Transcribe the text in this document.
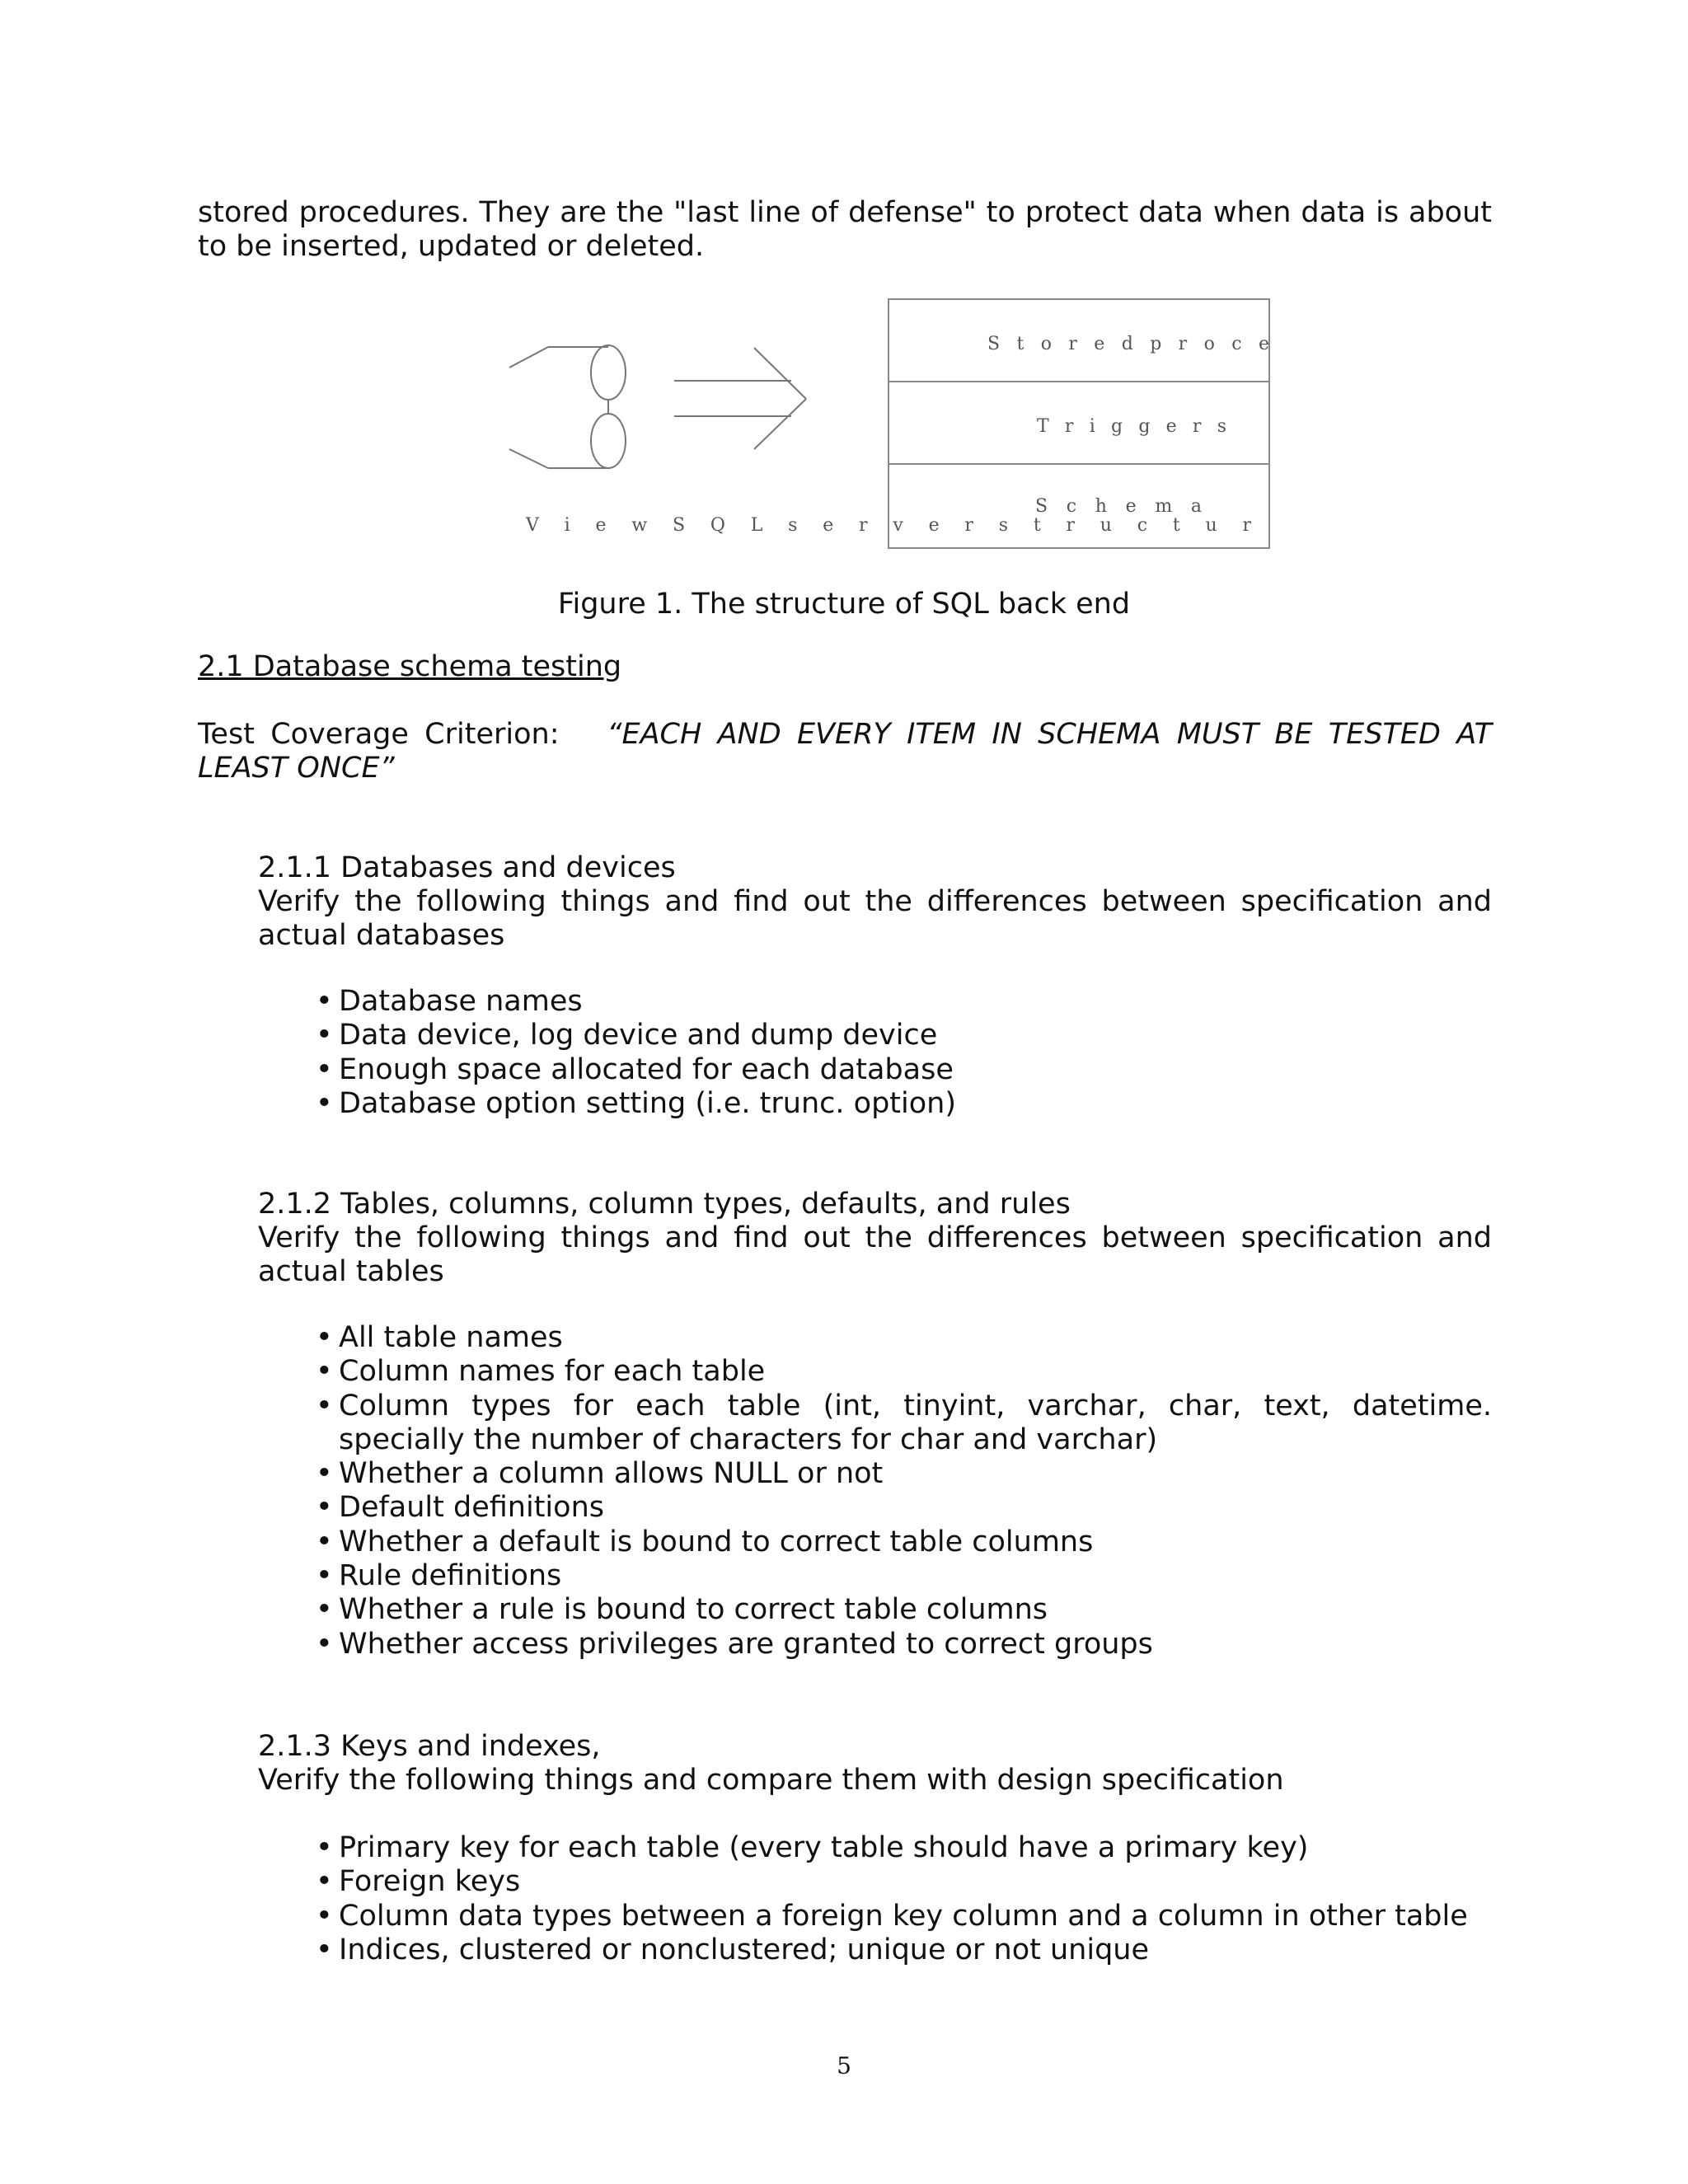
stored procedures. They are the "last line of defense" to protect data when data is about to be inserted, updated or deleted.

S t o r e d p r o c e
T r i g g e r s
S c h e m a
V i e w S Q L s e r v e r s t r u c t u r
Figure 1. The structure of SQL back end

2.1 Database schema testing

Test Coverage Criterion: “EACH AND EVERY ITEM IN SCHEMA MUST BE TESTED AT LEAST ONCE”

2.1.1 Databases and devices

Verify the following things and find out the differences between specification and actual databases

• Database names
• Data device, log device and dump device
• Enough space allocated for each database
• Database option setting (i.e. trunc. option)

2.1.2 Tables, columns, column types, defaults, and rules

Verify the following things and find out the differences between specification and actual tables

• All table names
• Column names for each table
• Column types for each table (int, tinyint, varchar, char, text, datetime. specially the number of characters for char and varchar)
• Whether a column allows NULL or not
• Default definitions
• Whether a default is bound to correct table columns
• Rule definitions
• Whether a rule is bound to correct table columns
• Whether access privileges are granted to correct groups

2.1.3 Keys and indexes,

Verify the following things and compare them with design specification

• Primary key for each table (every table should have a primary key)
• Foreign keys
• Column data types between a foreign key column and a column in other table
• Indices, clustered or nonclustered; unique or not unique
5
